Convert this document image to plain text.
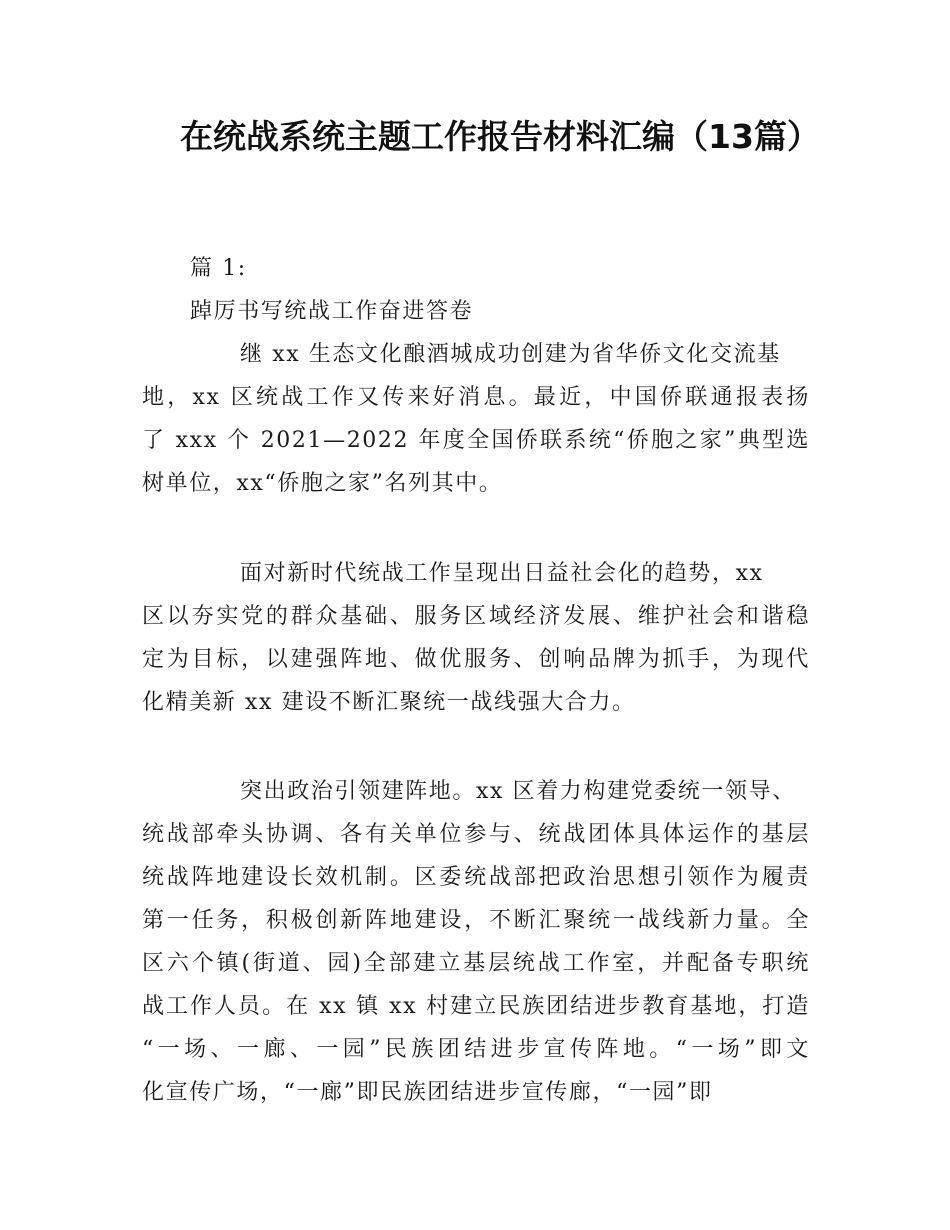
在统战系统主题工作报告材料汇编（13篇）

篇 1:

踔厉书写统战工作奋进答卷

继 xx 生态文化酿酒城成功创建为省华侨文化交流基

地，xx 区统战工作又传来好消息。最近，中国侨联通报表扬

了 xxx 个 2021—2022 年度全国侨联系统“侨胞之家”典型选

树单位，xx“侨胞之家”名列其中。

面对新时代统战工作呈现出日益社会化的趋势，xx

区以夯实党的群众基础、服务区域经济发展、维护社会和谐稳

定为目标，以建强阵地、做优服务、创响品牌为抓手，为现代

化精美新 xx 建设不断汇聚统一战线强大合力。

突出政治引领建阵地。xx 区着力构建党委统一领导、

统战部牵头协调、各有关单位参与、统战团体具体运作的基层

统战阵地建设长效机制。区委统战部把政治思想引领作为履责

第一任务，积极创新阵地建设，不断汇聚统一战线新力量。全

区六个镇(街道、园)全部建立基层统战工作室，并配备专职统

战工作人员。在 xx 镇 xx 村建立民族团结进步教育基地，打造

“一场、一廊、一园”民族团结进步宣传阵地。“一场”即文

化宣传广场，“一廊”即民族团结进步宣传廊，“一园”即
